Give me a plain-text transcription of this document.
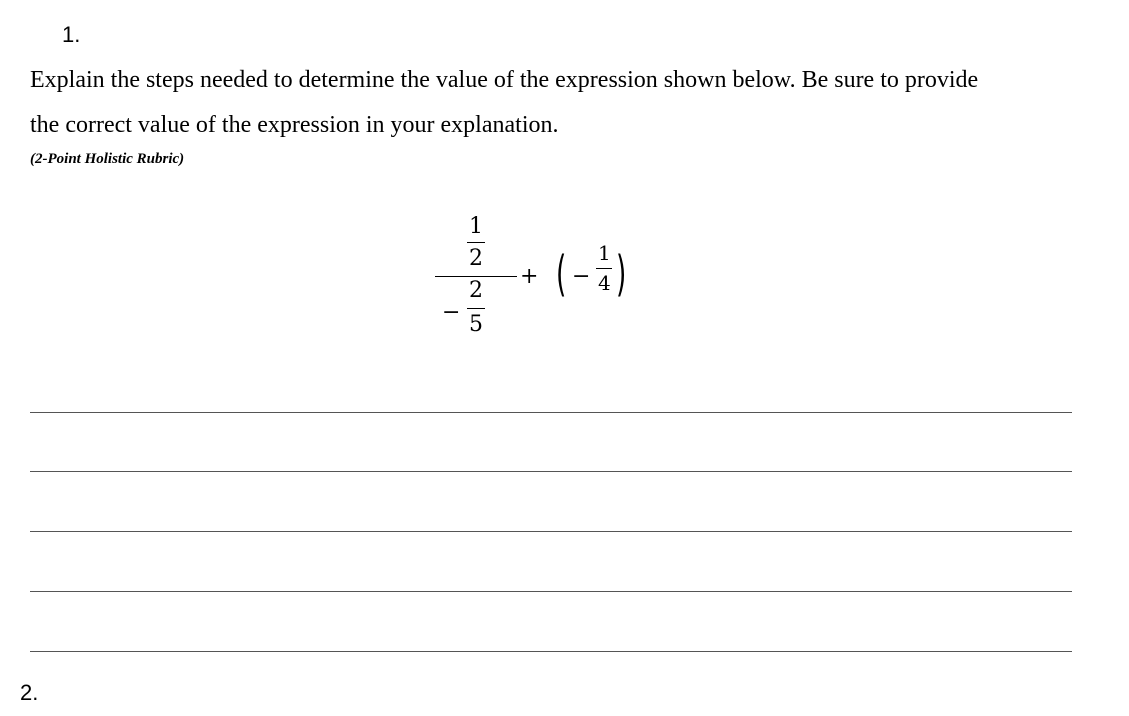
1.
Explain the steps needed to determine the value of the expression shown below. Be sure to provide
the correct value of the expression in your explanation.
(2-Point Holistic Rubric)
1
2
−
2
5
+ ( −
1
4 )
2.
